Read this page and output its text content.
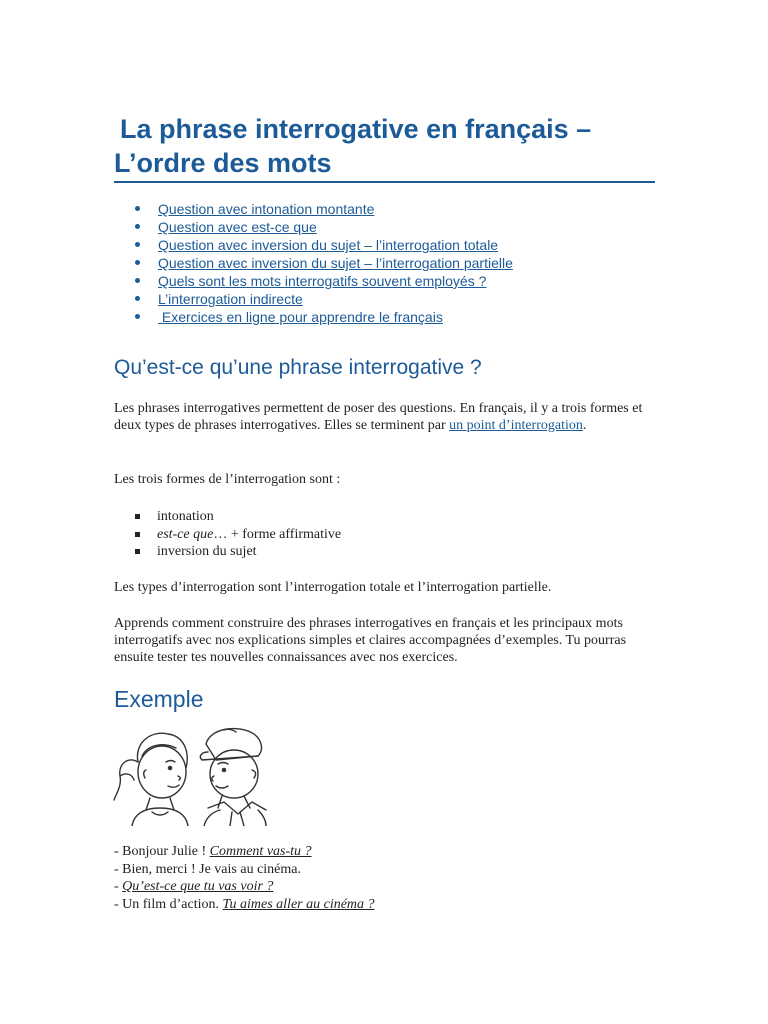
La phrase interrogative en français –
L’ordre des mots
Question avec intonation montante
Question avec est-ce que
Question avec inversion du sujet – l’interrogation totale
Question avec inversion du sujet – l’interrogation partielle
Quels sont les mots interrogatifs souvent employés ?
L’interrogation indirecte
Exercices en ligne pour apprendre le français
Qu’est-ce qu’une phrase interrogative ?

Les phrases interrogatives permettent de poser des questions. En français, il y a trois formes et deux types de phrases interrogatives. Elles se terminent par un point d’interrogation.

Les trois formes de l’interrogation sont :

intonation
est-ce que… + forme affirmative
inversion du sujet

Les types d’interrogation sont l’interrogation totale et l’interrogation partielle.

Apprends comment construire des phrases interrogatives en français et les principaux mots interrogatifs avec nos explications simples et claires accompagnées d’exemples. Tu pourras ensuite tester tes nouvelles connaissances avec nos exercices.

Exemple
- Bonjour Julie ! Comment vas-tu ?
- Bien, merci ! Je vais au cinéma.
- Qu’est-ce que tu vas voir ?
- Un film d’action. Tu aimes aller au cinéma ?
